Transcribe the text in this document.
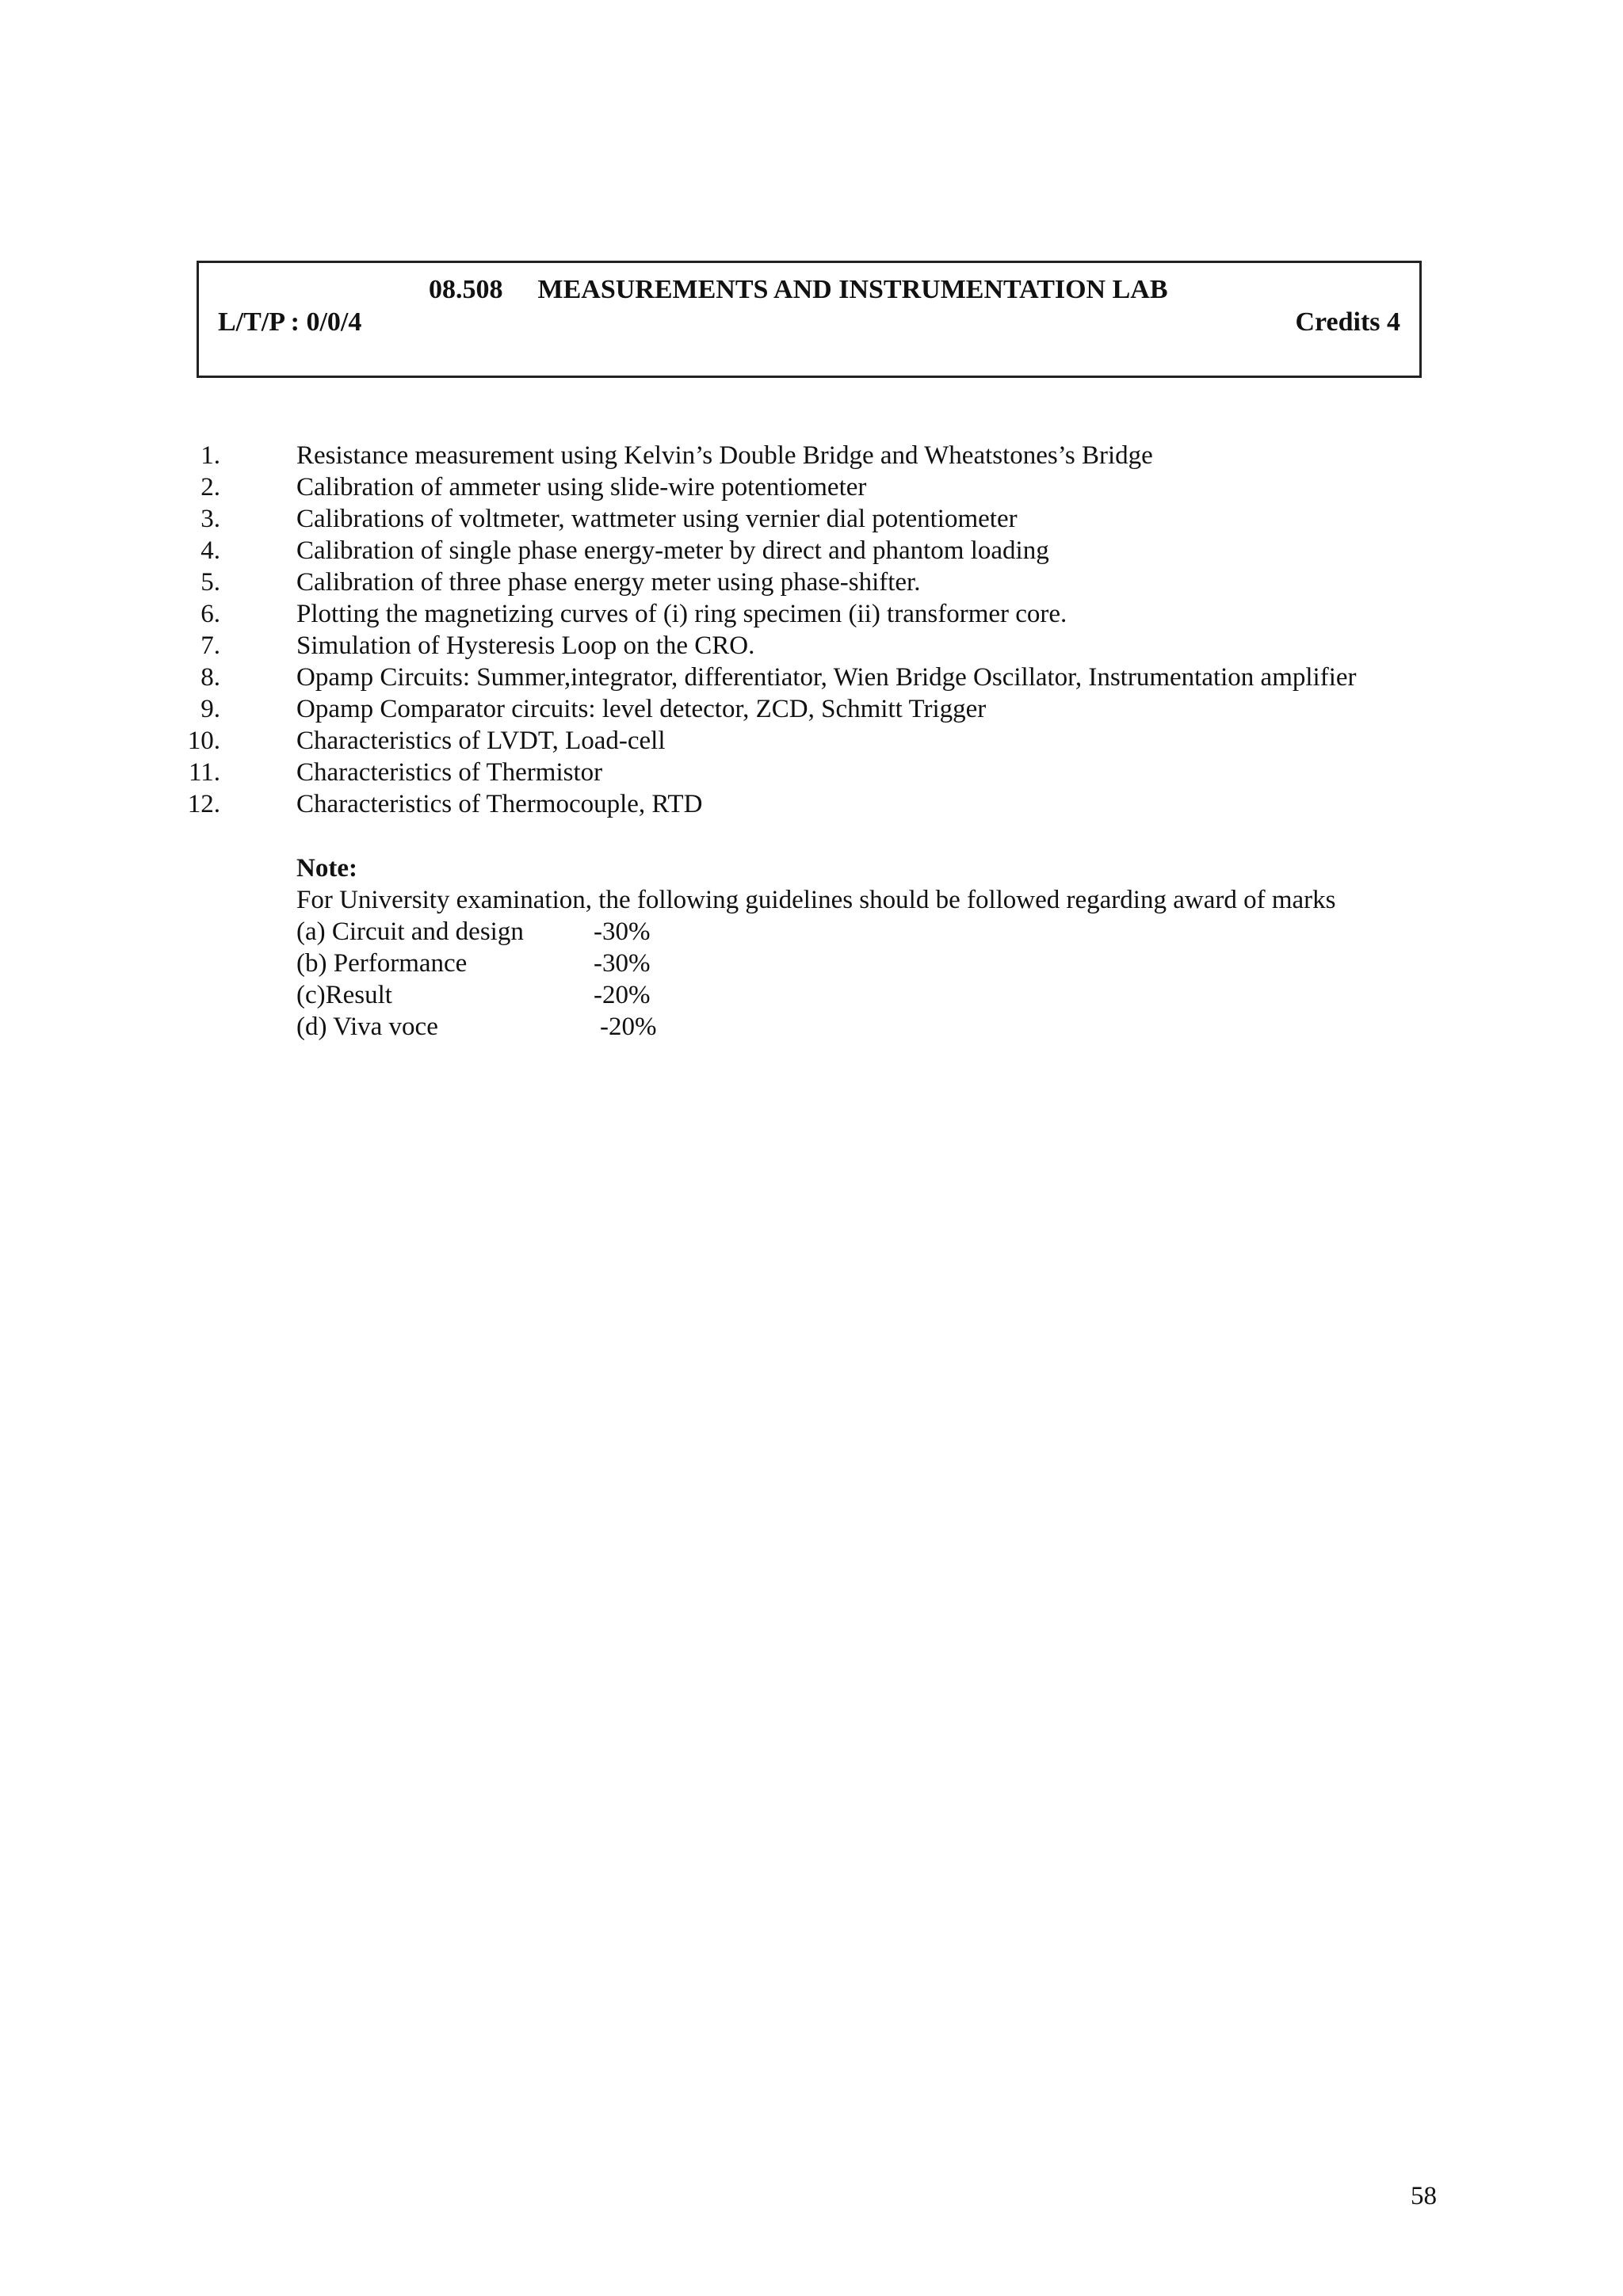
08.508 MEASUREMENTS AND INSTRUMENTATION LAB
L/T/P : 0/0/4	Credits 4
1.	Resistance measurement using Kelvin’s Double Bridge and Wheatstones’s Bridge
2.	Calibration of ammeter using slide-wire potentiometer
3.	Calibrations of voltmeter, wattmeter using vernier dial potentiometer
4.	Calibration of single phase energy-meter by direct and phantom loading
5.	Calibration of three phase energy meter using phase-shifter.
6.	Plotting the magnetizing curves of (i) ring specimen (ii) transformer core.
7.	Simulation of Hysteresis Loop on the CRO.
8.	Opamp Circuits: Summer,integrator, differentiator, Wien Bridge Oscillator, Instrumentation amplifier
9.	Opamp Comparator circuits: level detector, ZCD, Schmitt Trigger
10.	Characteristics of LVDT, Load-cell
11.	Characteristics of Thermistor
12.	Characteristics of Thermocouple, RTD
Note:
For University examination, the following guidelines should be followed regarding award of marks
(a) Circuit and design	-30%
(b) Performance	-30%
(c)Result	-20%
(d) Viva voce	-20%
58
